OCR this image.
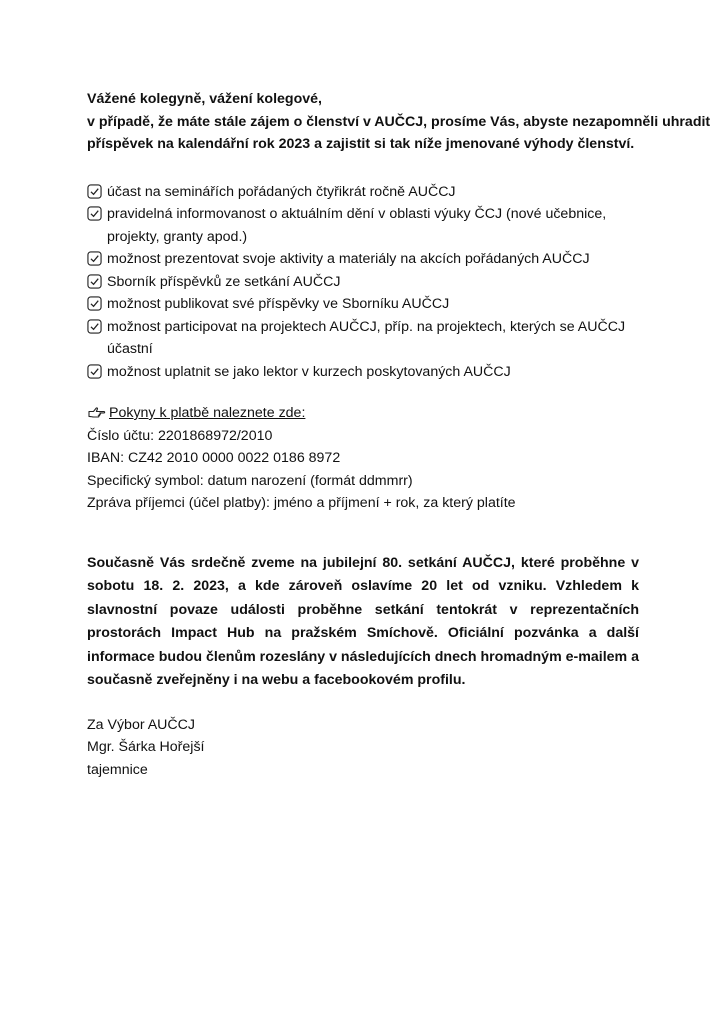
Vážené kolegyně, vážení kolegové,
v případě, že máte stále zájem o členství v AUČCJ, prosíme Vás, abyste nezapomněli uhradit
příspěvek na kalendářní rok 2023 a zajistit si tak níže jmenované výhody členství.
účast na seminářích pořádaných čtyřikrát ročně AUČCJ
pravidelná informovanost o aktuálním dění v oblasti výuky ČCJ (nové učebnice, projekty, granty apod.)
možnost prezentovat svoje aktivity a materiály na akcích pořádaných AUČCJ
Sborník příspěvků ze setkání AUČCJ
možnost publikovat své příspěvky ve Sborníku AUČCJ
možnost participovat na projektech AUČCJ, příp. na projektech, kterých se AUČCJ účastní
možnost uplatnit se jako lektor v kurzech poskytovaných AUČCJ
Pokyny k platbě naleznete zde:
Číslo účtu: 2201868972/2010
IBAN: CZ42 2010 0000 0022 0186 8972
Specifický symbol: datum narození (formát ddmmrr)
Zpráva příjemci (účel platby): jméno a příjmení + rok, za který platíte
Současně Vás srdečně zveme na jubilejní 80. setkání AUČCJ, které proběhne v sobotu 18. 2. 2023, a kde zároveň oslavíme 20 let od vzniku. Vzhledem k slavnostní povaze události proběhne setkání tentokrát v reprezentačních prostorách Impact Hub na pražském Smíchově. Oficiální pozvánka a další informace budou členům rozeslány v následujících dnech hromadným e-mailem a současně zveřejněny i na webu a facebookovém profilu.
Za Výbor AUČCJ
Mgr. Šárka Hořejší
tajemnice
